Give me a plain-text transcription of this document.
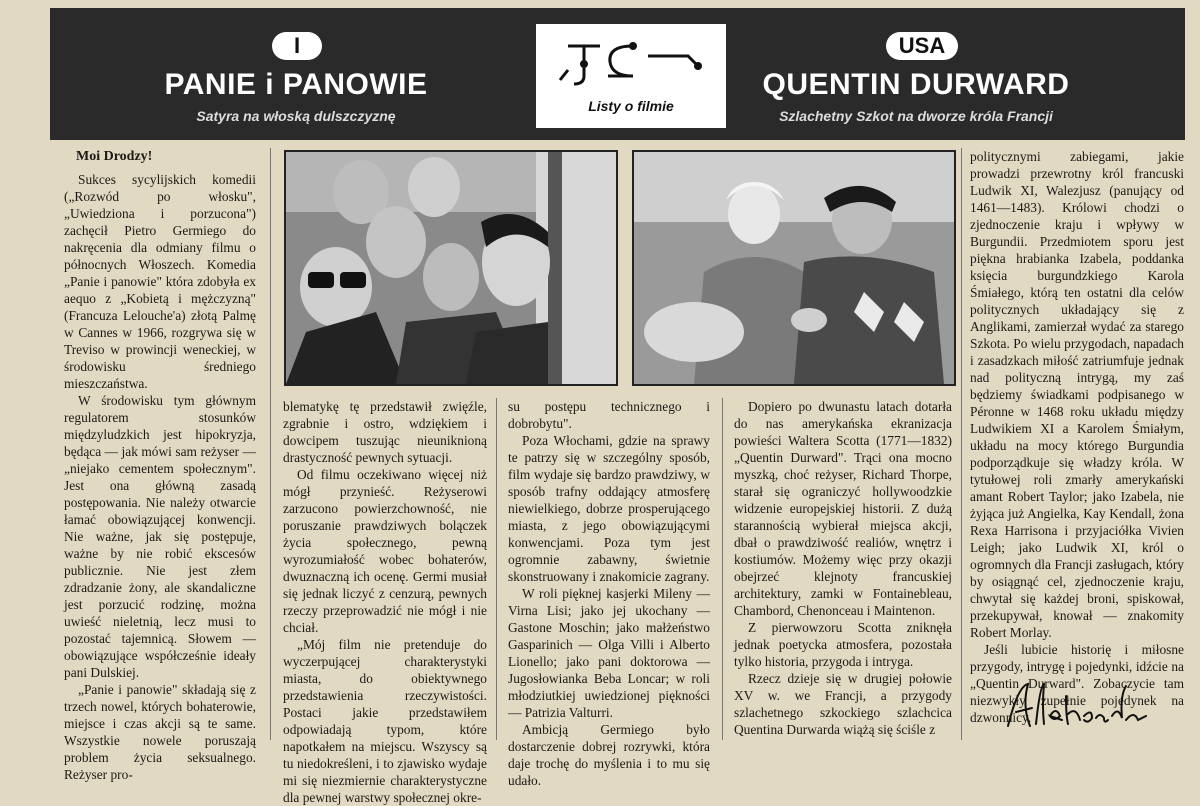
I
PANIE i PANOWIE
Satyra na włoską dulszczyznę
Listy o filmie
USA
QUENTIN DURWARD
Szlachetny Szkot na dworze króla Francji

Moi Drodzy!

Sukces sycylijskich komedii („Rozwód po włosku", „Uwiedziona i porzucona") zachęcił Pietro Germiego do nakręcenia dla odmiany filmu o północnych Włoszech. Komedia „Panie i panowie" która zdobyła ex aequo z „Kobietą i mężczyzną" (Francuza Lelouche'a) złotą Palmę w Cannes w 1966, rozgrywa się w Treviso w prowincji weneckiej, w środowisku średniego mieszczaństwa.

W środowisku tym głównym regulatorem stosunków międzyludzkich jest hipokryzja, będąca — jak mówi sam reżyser — „niejako cementem społecznym". Jest ona główną zasadą postępowania. Nie należy otwarcie łamać obowiązującej konwencji. Nie ważne, jak się postępuje, ważne by nie robić ekscesów publicznie. Nie jest złem zdradzanie żony, ale skandaliczne jest porzucić rodzinę, można uwieść nieletnią, lecz musi to pozostać tajemnicą. Słowem — obowiązujące współcześnie ideały pani Dulskiej.

„Panie i panowie" składają się z trzech nowel, których bohaterowie, miejsce i czas akcji są te same. Wszystkie nowele poruszają problem życia seksualnego. Reżyser pro-

blematykę tę przedstawił zwięźle, zgrabnie i ostro, wdziękiem i dowcipem tuszując nieuniknioną drastyczność pewnych sytuacji.

Od filmu oczekiwano więcej niż mógł przynieść. Reżyserowi zarzucono powierzchowność, nie poruszanie prawdziwych bolączek życia społecznego, pewną wyrozumiałość wobec bohaterów, dwuznaczną ich ocenę. Germi musiał się jednak liczyć z cenzurą, pewnych rzeczy przeprowadzić nie mógł i nie chciał.

„Mój film nie pretenduje do wyczerpującej charakterystyki miasta, do obiektywnego przedstawienia rzeczywistości. Postaci jakie przedstawiłem odpowiadają typom, które napotkałem na miejscu. Wszyscy są tu niedokreśleni, i to zjawisko wydaje mi się niezmiernie charakterystyczne dla pewnej warstwy społecznej okre-

su postępu technicznego i dobrobytu".

Poza Włochami, gdzie na sprawy te patrzy się w szczególny sposób, film wydaje się bardzo prawdziwy, w sposób trafny oddający atmosferę niewielkiego, dobrze prosperującego miasta, z jego obowiązującymi konwencjami. Poza tym jest ogromnie zabawny, świetnie skonstruowany i znakomicie zagrany.

W roli pięknej kasjerki Mileny — Virna Lisi; jako jej ukochany — Gastone Moschin; jako małżeństwo Gasparinich — Olga Villi i Alberto Lionello; jako pani doktorowa — Jugosłowianka Beba Loncar; w roli młodziutkiej uwiedzionej piękności — Patrizia Valturri.

Ambicją Germiego było dostarczenie dobrej rozrywki, która daje trochę do myślenia i to mu się udało.

Dopiero po dwunastu latach dotarła do nas amerykańska ekranizacja powieści Waltera Scotta (1771—1832) „Quentin Durward". Trąci ona mocno myszką, choć reżyser, Richard Thorpe, starał się ograniczyć hollywoodzkie widzenie europejskiej historii. Z dużą starannością wybierał miejsca akcji, dbał o prawdziwość realiów, wnętrz i kostiumów. Możemy więc przy okazji obejrzeć klejnoty francuskiej architektury, zamki w Fontainebleau, Chambord, Chenonceau i Maintenon.

Z pierwowzoru Scotta zniknęła jednak poetycka atmosfera, pozostała tylko historia, przygoda i intryga.

Rzecz dzieje się w drugiej połowie XV w. we Francji, a przygody szlachetnego szkockiego szlachcica Quentina Durwarda wiążą się ściśle z

politycznymi zabiegami, jakie prowadzi przewrotny król francuski Ludwik XI, Walezjusz (panujący od 1461—1483). Królowi chodzi o zjednoczenie kraju i wpływy w Burgundii. Przedmiotem sporu jest piękna hrabianka Izabela, poddanka księcia burgundzkiego Karola Śmiałego, którą ten ostatni dla celów politycznych układający się z Anglikami, zamierzał wydać za starego Szkota. Po wielu przygodach, napadach i zasadzkach miłość zatriumfuje jednak nad polityczną intrygą, my zaś będziemy świadkami podpisanego w Péronne w 1468 roku układu między Ludwikiem XI a Karolem Śmiałym, układu na mocy którego Burgundia podporządkuje się władzy króla. W tytułowej roli zmarły amerykański amant Robert Taylor; jako Izabela, nie żyjąca już Angielka, Kay Kendall, żona Rexa Harrisona i przyjaciółka Vivien Leigh; jako Ludwik XI, król o ogromnych dla Francji zasługach, który by osiągnąć cel, zjednoczenie kraju, chwytał się każdej broni, spiskował, przekupywał, knował — znakomity Robert Morlay.

Jeśli lubicie historię i miłosne przygody, intrygę i pojedynki, idźcie na „Quentin Durward". Zobaczycie tam niezwykły zupełnie pojedynek na dzwonnicy.
